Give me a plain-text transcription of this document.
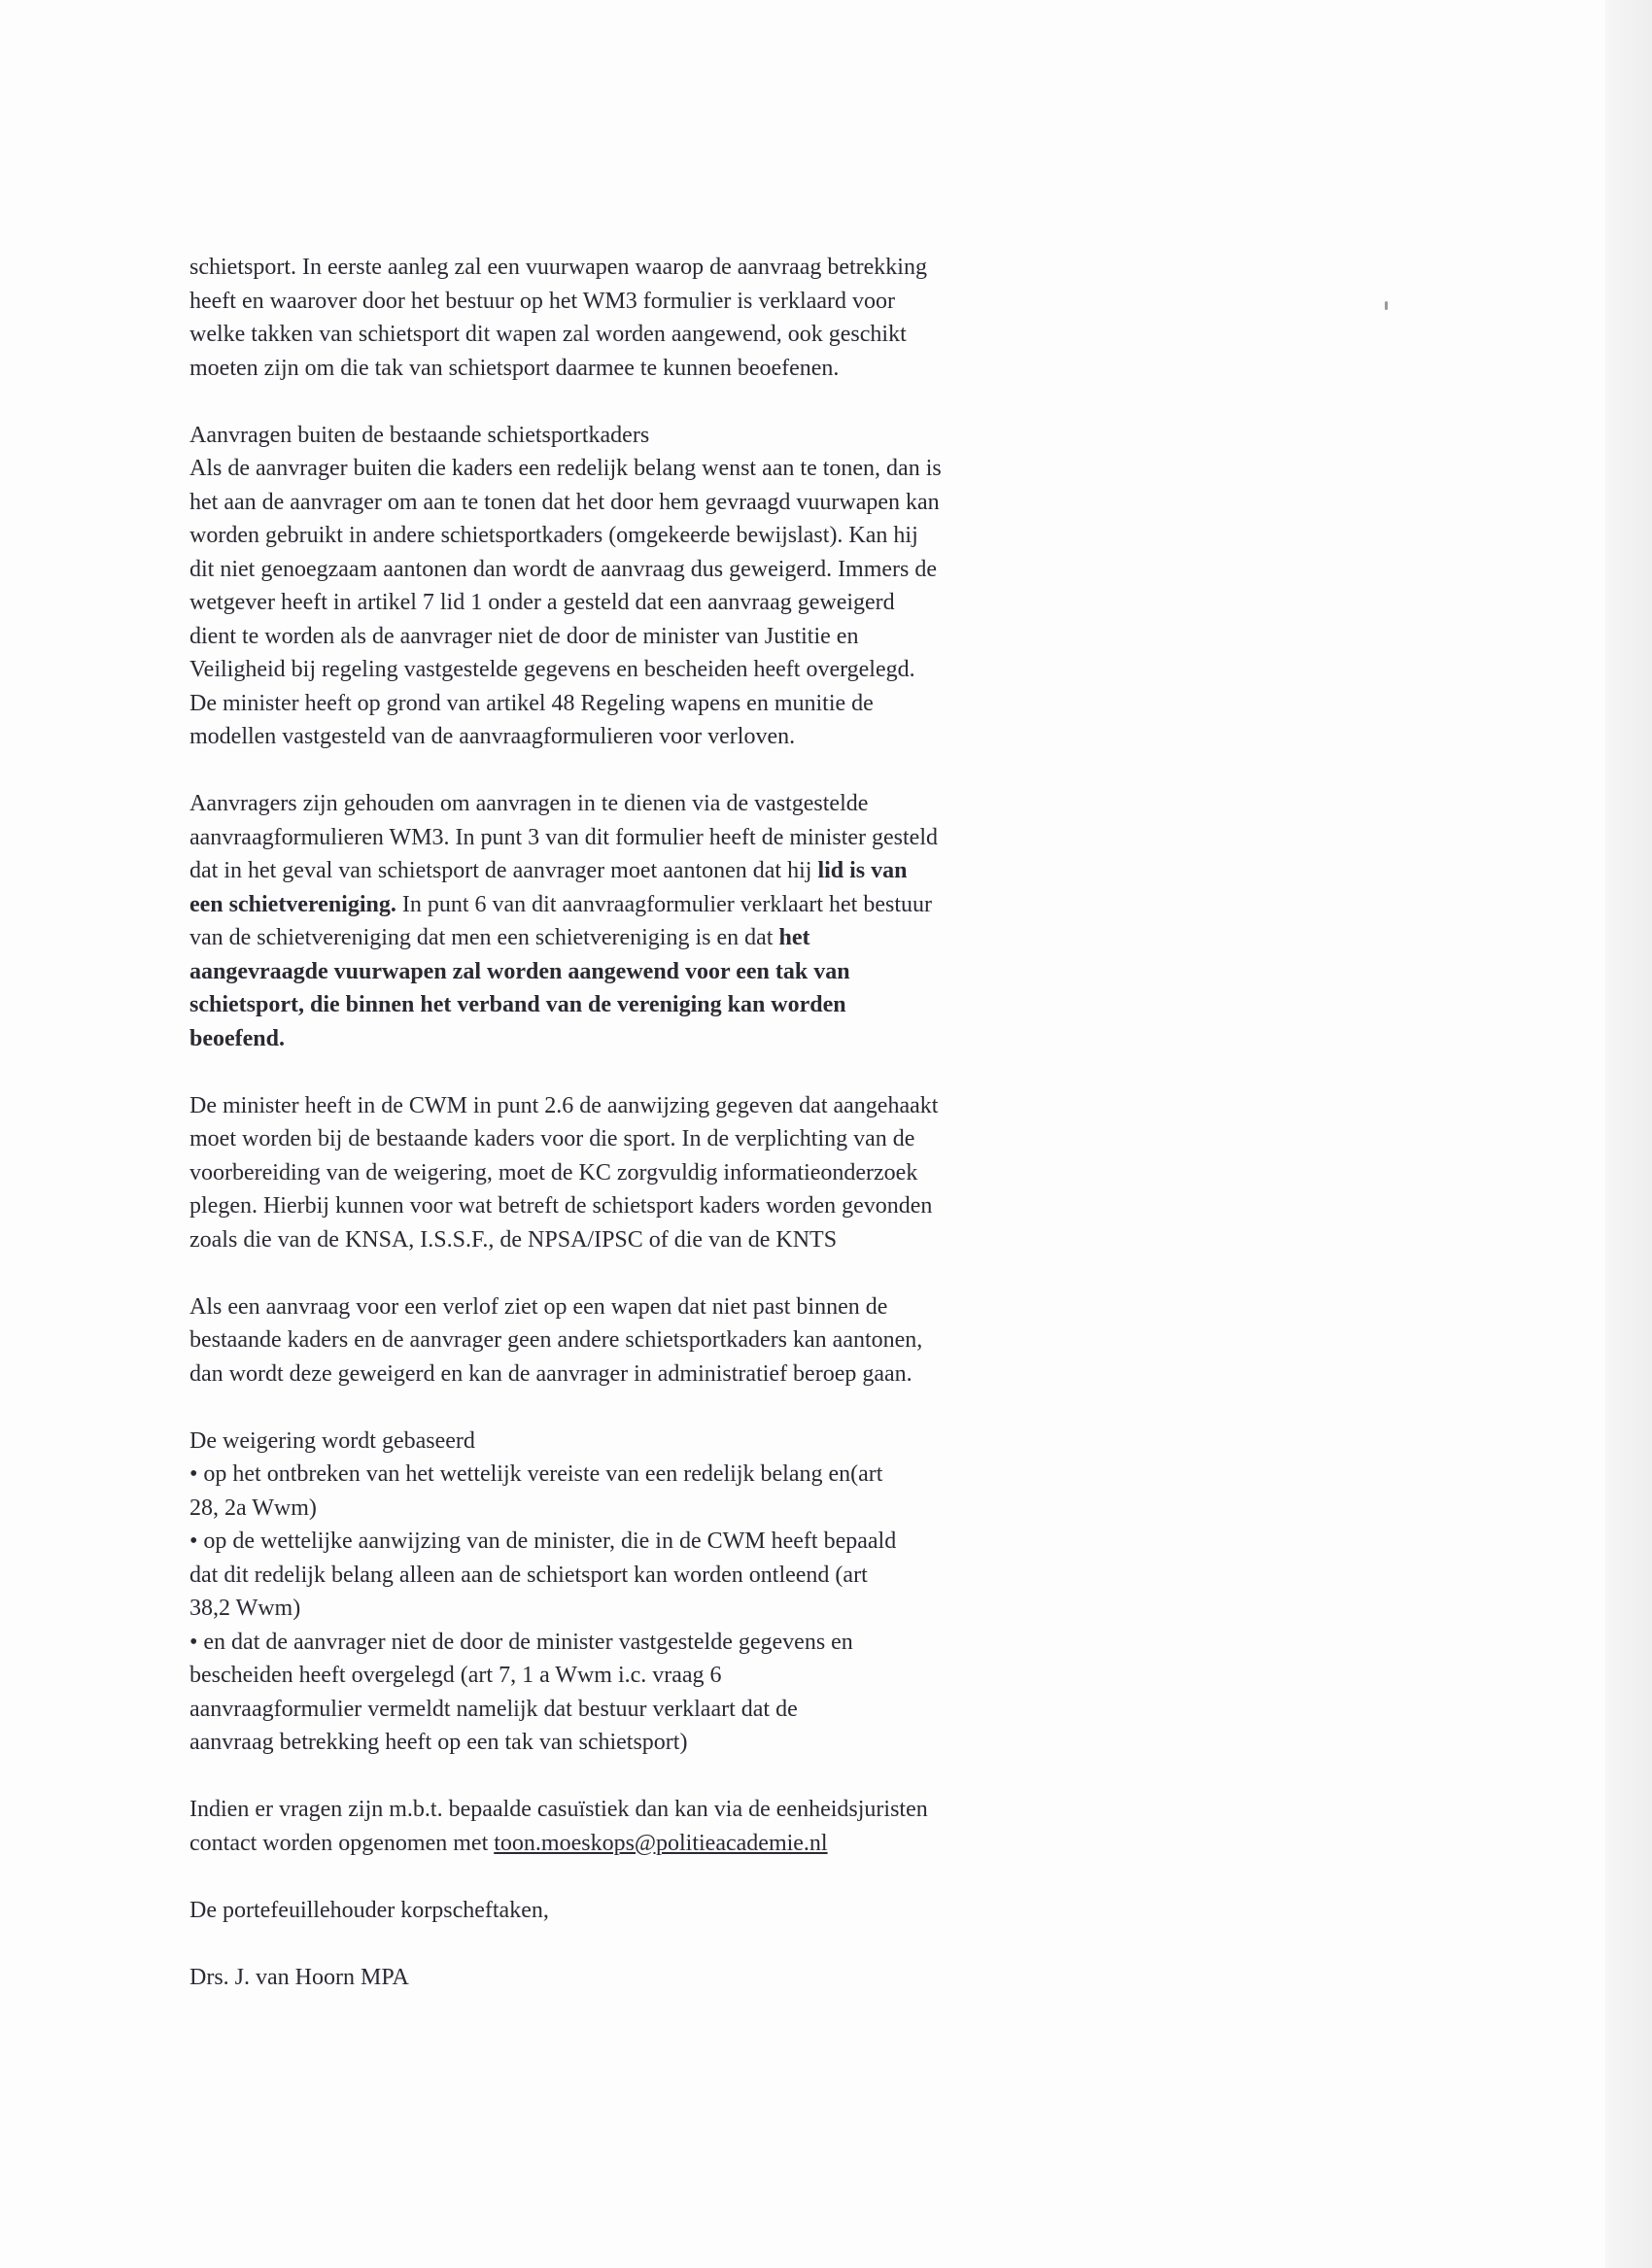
schietsport. In eerste aanleg zal een vuurwapen waarop de aanvraag betrekking
heeft en waarover door het bestuur op het WM3 formulier is verklaard voor
welke takken van schietsport dit wapen zal worden aangewend, ook geschikt
moeten zijn om die tak van schietsport daarmee te kunnen beoefenen.
Aanvragen buiten de bestaande schietsportkaders
Als de aanvrager buiten die kaders een redelijk belang wenst aan te tonen, dan is
het aan de aanvrager om aan te tonen dat het door hem gevraagd vuurwapen kan
worden gebruikt in andere schietsportkaders (omgekeerde bewijslast). Kan hij
dit niet genoegzaam aantonen dan wordt de aanvraag dus geweigerd. Immers de
wetgever heeft in artikel 7 lid 1 onder a gesteld dat een aanvraag geweigerd
dient te worden als de aanvrager niet de door de minister van Justitie en
Veiligheid bij regeling vastgestelde gegevens en bescheiden heeft overgelegd.
De minister heeft op grond van artikel 48 Regeling wapens en munitie de
modellen vastgesteld van de aanvraagformulieren voor verloven.
Aanvragers zijn gehouden om aanvragen in te dienen via de vastgestelde
aanvraagformulieren WM3. In punt 3 van dit formulier heeft de minister gesteld
dat in het geval van schietsport de aanvrager moet aantonen dat hij lid is van
een schietvereniging. In punt 6 van dit aanvraagformulier verklaart het bestuur
van de schietvereniging dat men een schietvereniging is en dat het
aangevraagde vuurwapen zal worden aangewend voor een tak van
schietsport, die binnen het verband van de vereniging kan worden
beoefend.
De minister heeft in de CWM in punt 2.6 de aanwijzing gegeven dat aangehaakt
moet worden bij de bestaande kaders voor die sport. In de verplichting van de
voorbereiding van de weigering, moet de KC zorgvuldig informatieonderzoek
plegen. Hierbij kunnen voor wat betreft de schietsport kaders worden gevonden
zoals die van de KNSA, I.S.S.F., de NPSA/IPSC of die van de KNTS
Als een aanvraag voor een verlof ziet op een wapen dat niet past binnen de
bestaande kaders en de aanvrager geen andere schietsportkaders kan aantonen,
dan wordt deze geweigerd en kan de aanvrager in administratief beroep gaan.
De weigering wordt gebaseerd
• op het ontbreken van het wettelijk vereiste van een redelijk belang en(art
28, 2a Wwm)
• op de wettelijke aanwijzing van de minister, die in de CWM heeft bepaald
dat dit redelijk belang alleen aan de schietsport kan worden ontleend (art
38,2 Wwm)
• en dat de aanvrager niet de door de minister vastgestelde gegevens en
bescheiden heeft overgelegd (art 7, 1 a Wwm i.c. vraag 6
aanvraagformulier vermeldt namelijk dat bestuur verklaart dat de
aanvraag betrekking heeft op een tak van schietsport)
Indien er vragen zijn m.b.t. bepaalde casuïstiek dan kan via de eenheidsjuristen
contact worden opgenomen met toon.moeskops@politieacademie.nl
De portefeuillehouder korpscheftaken,
Drs. J. van Hoorn MPA
